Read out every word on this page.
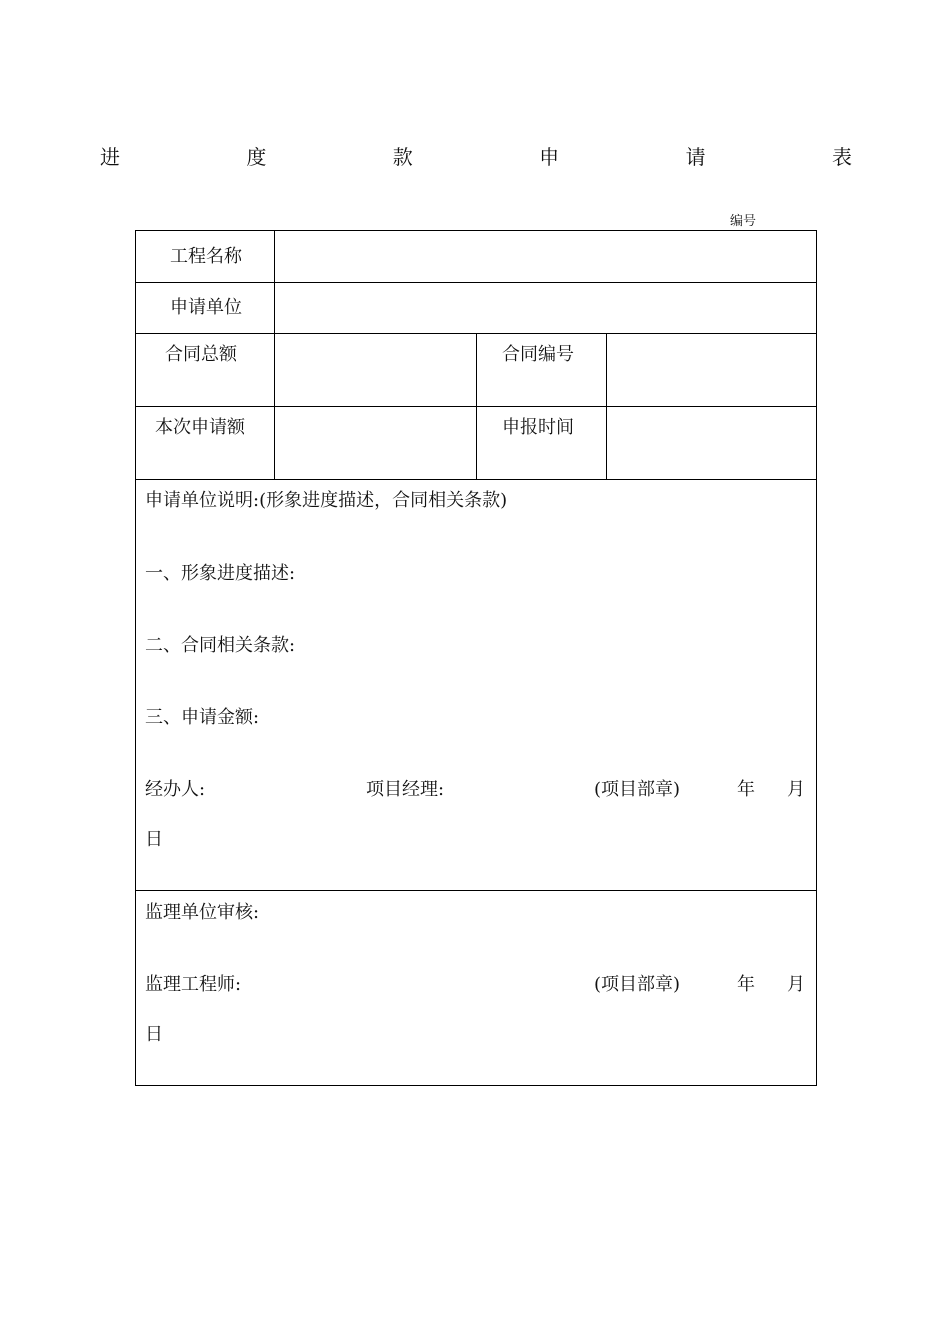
进	度	款	申	请	表
编号
工程名称
申请单位
合同总额	合同编号
本次申请额	申报时间
申请单位说明:(形象进度描述，合同相关条款)
一、形象进度描述:
二、合同相关条款:
三、申请金额:
经办人:	项目经理:	(项目部章)	年 月
日
监理单位审核:
监理工程师:	(项目部章)	年 月
日
